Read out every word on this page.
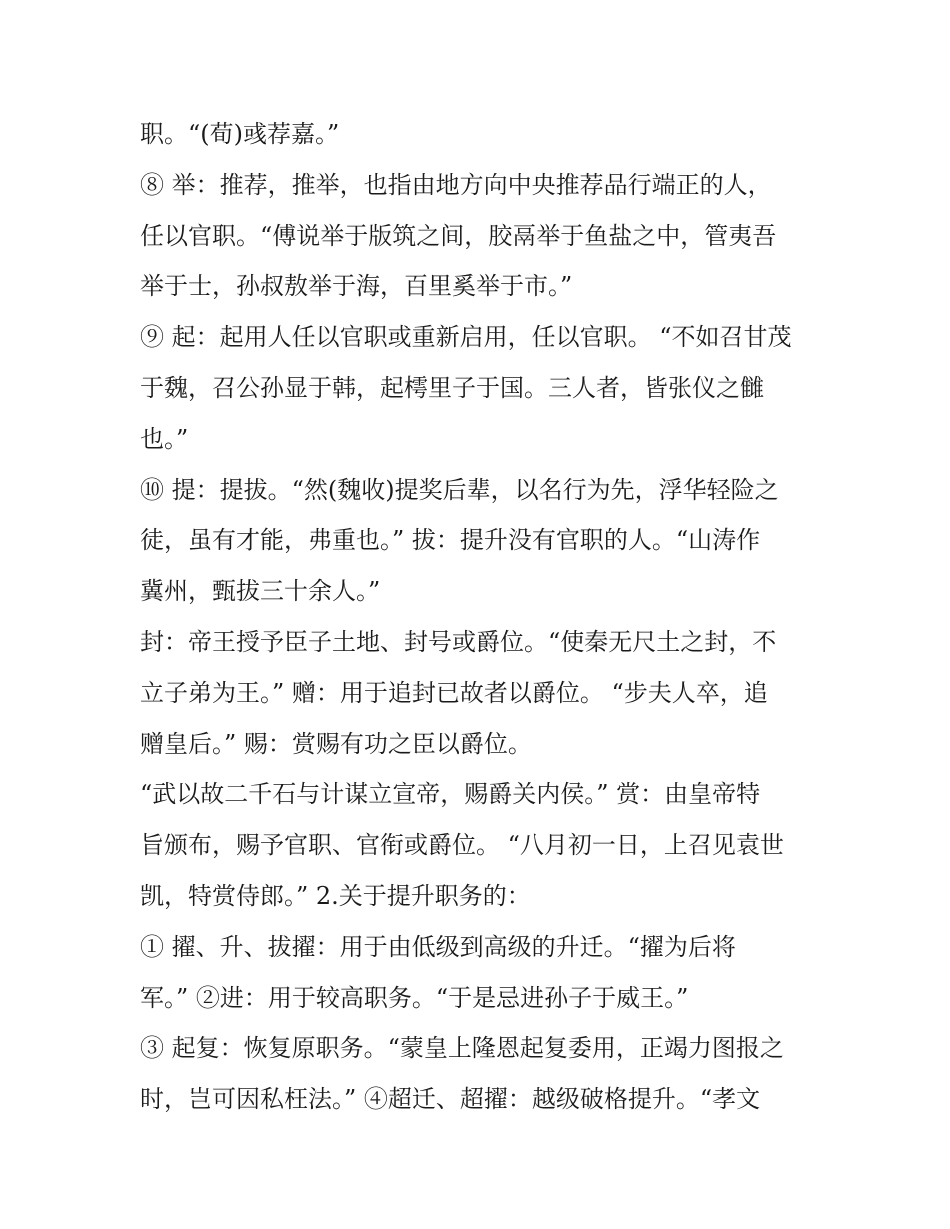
职。“(荀)彧荐嘉。”
⑧ 举：推荐，推举，也指由地方向中央推荐品行端正的人，
任以官职。“傅说举于版筑之间，胶鬲举于鱼盐之中，管夷吾
举于士，孙叔敖举于海，百里奚举于市。”
⑨ 起：起用人任以官职或重新启用，任以官职。 “不如召甘茂
于魏，召公孙显于韩，起樗里子于国。三人者，皆张仪之雠
也。”
⑩ 提：提拔。“然(魏收)提奖后辈，以名行为先，浮华轻险之
徒，虽有才能，弗重也。” 拔：提升没有官职的人。“山涛作
冀州，甄拔三十余人。”
封：帝王授予臣子土地、封号或爵位。“使秦无尺土之封，不
立子弟为王。” 赠：用于追封已故者以爵位。 “步夫人卒，追
赠皇后。” 赐：赏赐有功之臣以爵位。
“武以故二千石与计谋立宣帝，赐爵关内侯。” 赏：由皇帝特
旨颁布，赐予官职、官衔或爵位。 “八月初一日，上召见袁世
凯，特赏侍郎。” 2.关于提升职务的：
① 擢、升、拔擢：用于由低级到高级的升迁。“擢为后将
军。” ②进：用于较高职务。“于是忌进孙子于威王。”
③ 起复：恢复原职务。“蒙皇上隆恩起复委用，正竭力图报之
时，岂可因私枉法。” ④超迁、超擢：越级破格提升。“孝文
